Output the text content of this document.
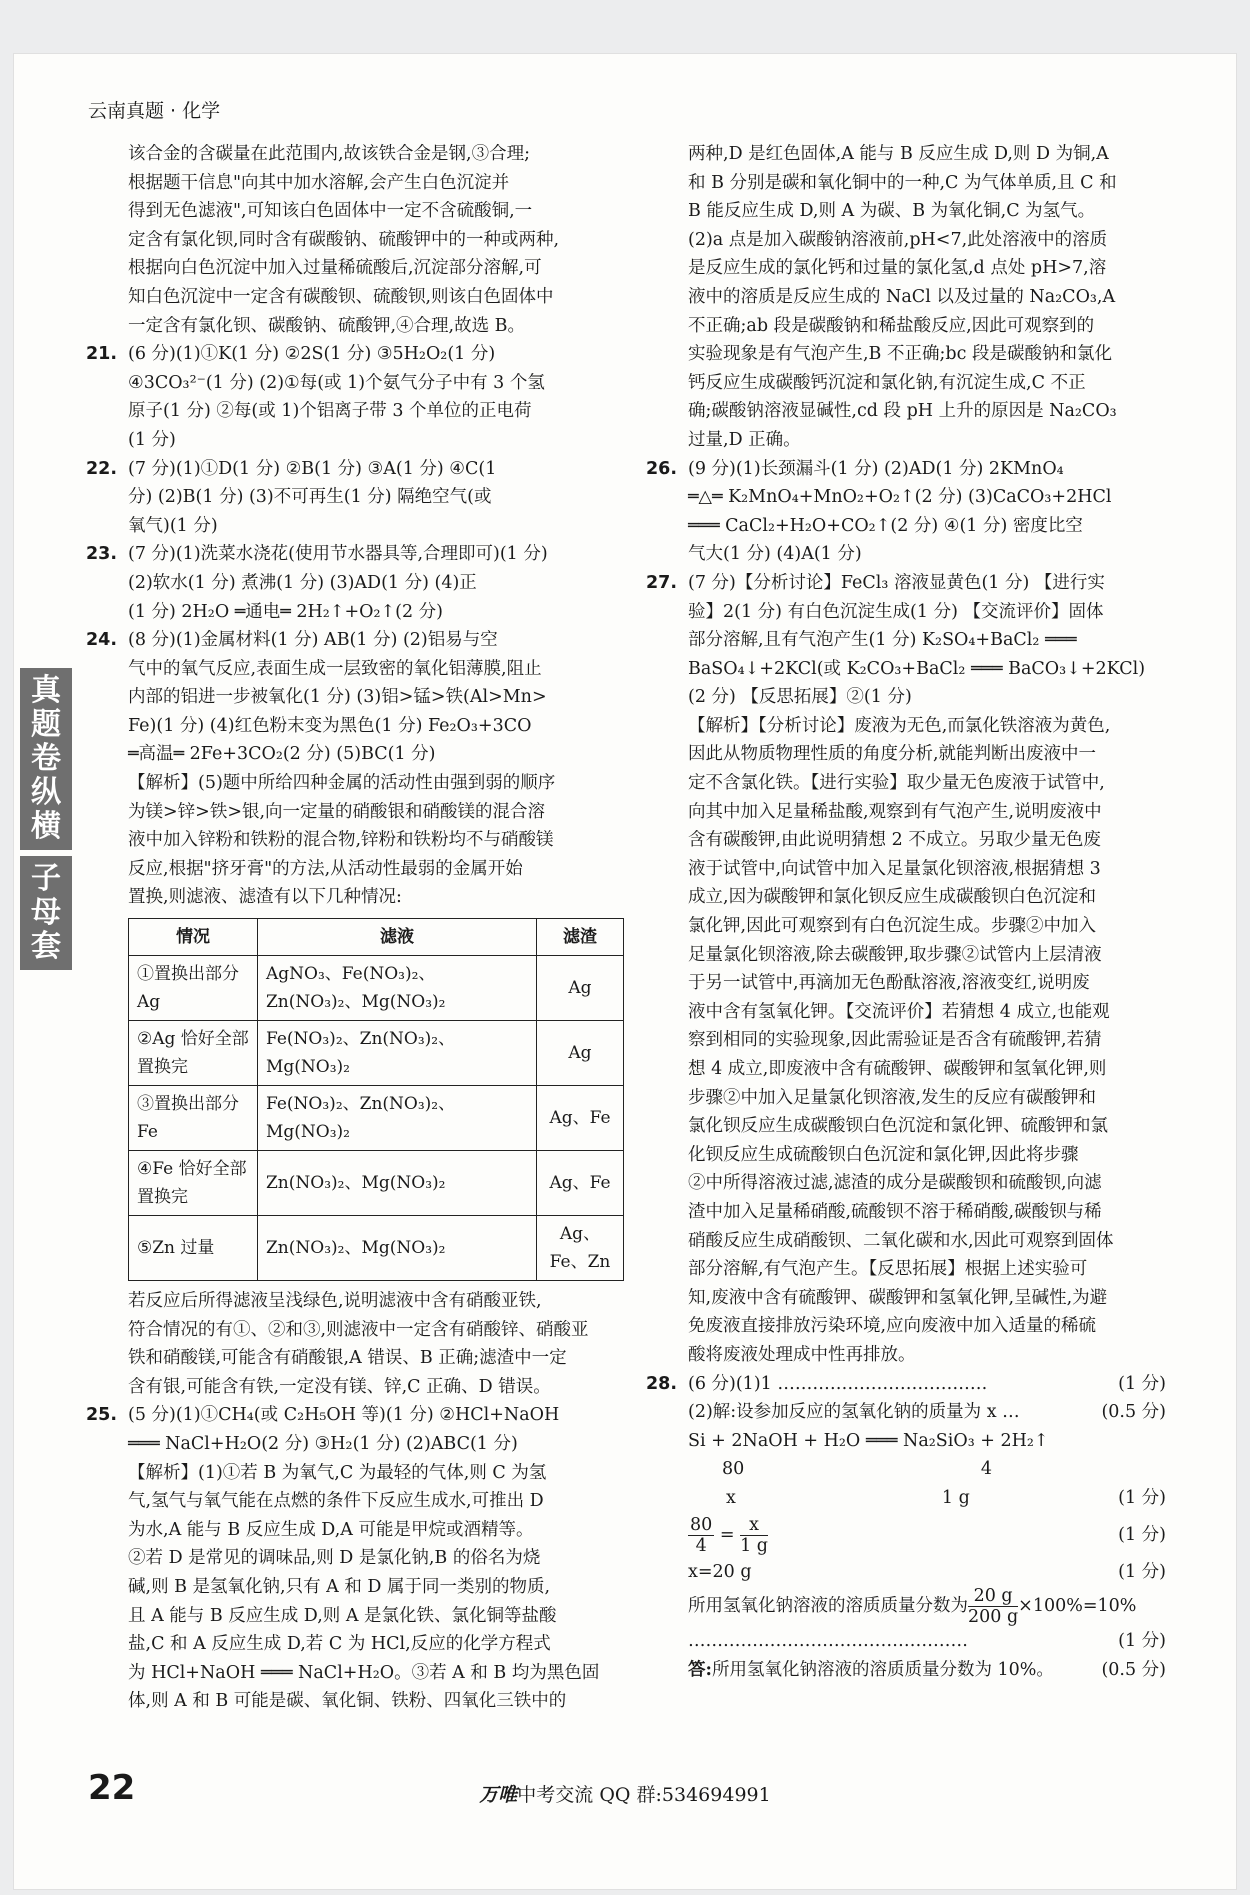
云南真题 · 化学
真
题
卷
纵
横
子
母
套

该合金的含碳量在此范围内,故该铁合金是钢,③合理;

根据题干信息"向其中加水溶解,会产生白色沉淀并

得到无色滤液",可知该白色固体中一定不含硫酸铜,一

定含有氯化钡,同时含有碳酸钠、硫酸钾中的一种或两种,

根据向白色沉淀中加入过量稀硫酸后,沉淀部分溶解,可

知白色沉淀中一定含有碳酸钡、硫酸钡,则该白色固体中

一定含有氯化钡、碳酸钠、硫酸钾,④合理,故选 B。

21. (6 分)(1)①K(1 分) ②2S(1 分) ③5H₂O₂(1 分)

④3CO₃²⁻(1 分) (2)①每(或 1)个氨气分子中有 3 个氢

原子(1 分) ②每(或 1)个铝离子带 3 个单位的正电荷

(1 分)

22. (7 分)(1)①D(1 分) ②B(1 分) ③A(1 分) ④C(1

分) (2)B(1 分) (3)不可再生(1 分) 隔绝空气(或

氧气)(1 分)

23. (7 分)(1)洗菜水浇花(使用节水器具等,合理即可)(1 分)

(2)软水(1 分) 煮沸(1 分) (3)AD(1 分) (4)正

(1 分) 2H₂O ═通电═ 2H₂↑+O₂↑(2 分)

24. (8 分)(1)金属材料(1 分) AB(1 分) (2)铝易与空

气中的氧气反应,表面生成一层致密的氧化铝薄膜,阻止

内部的铝进一步被氧化(1 分) (3)铝>锰>铁(Al>Mn>

Fe)(1 分) (4)红色粉末变为黑色(1 分) Fe₂O₃+3CO

═高温═ 2Fe+3CO₂(2 分) (5)BC(1 分)

【解析】(5)题中所给四种金属的活动性由强到弱的顺序

为镁>锌>铁>银,向一定量的硝酸银和硝酸镁的混合溶

液中加入锌粉和铁粉的混合物,锌粉和铁粉均不与硝酸镁

反应,根据"挤牙膏"的方法,从活动性最弱的金属开始

置换,则滤液、滤渣有以下几种情况:

情况	滤液	滤渣
①置换出部分 Ag	AgNO₃、Fe(NO₃)₂、Zn(NO₃)₂、Mg(NO₃)₂	Ag
②Ag 恰好全部置换完	Fe(NO₃)₂、Zn(NO₃)₂、Mg(NO₃)₂	Ag
③置换出部分 Fe	Fe(NO₃)₂、Zn(NO₃)₂、Mg(NO₃)₂	Ag、Fe
④Fe 恰好全部置换完	Zn(NO₃)₂、Mg(NO₃)₂	Ag、Fe
⑤Zn 过量	Zn(NO₃)₂、Mg(NO₃)₂	Ag、Fe、Zn

若反应后所得滤液呈浅绿色,说明滤液中含有硝酸亚铁,

符合情况的有①、②和③,则滤液中一定含有硝酸锌、硝酸亚

铁和硝酸镁,可能含有硝酸银,A 错误、B 正确;滤渣中一定

含有银,可能含有铁,一定没有镁、锌,C 正确、D 错误。

25. (5 分)(1)①CH₄(或 C₂H₅OH 等)(1 分) ②HCl+NaOH

═══ NaCl+H₂O(2 分) ③H₂(1 分) (2)ABC(1 分)

【解析】(1)①若 B 为氧气,C 为最轻的气体,则 C 为氢

气,氢气与氧气能在点燃的条件下反应生成水,可推出 D

为水,A 能与 B 反应生成 D,A 可能是甲烷或酒精等。

②若 D 是常见的调味品,则 D 是氯化钠,B 的俗名为烧

碱,则 B 是氢氧化钠,只有 A 和 D 属于同一类别的物质,

且 A 能与 B 反应生成 D,则 A 是氯化铁、氯化铜等盐酸

盐,C 和 A 反应生成 D,若 C 为 HCl,反应的化学方程式

为 HCl+NaOH ═══ NaCl+H₂O。③若 A 和 B 均为黑色固

体,则 A 和 B 可能是碳、氧化铜、铁粉、四氧化三铁中的

两种,D 是红色固体,A 能与 B 反应生成 D,则 D 为铜,A

和 B 分别是碳和氧化铜中的一种,C 为气体单质,且 C 和

B 能反应生成 D,则 A 为碳、B 为氧化铜,C 为氢气。

(2)a 点是加入碳酸钠溶液前,pH<7,此处溶液中的溶质

是反应生成的氯化钙和过量的氯化氢,d 点处 pH>7,溶

液中的溶质是反应生成的 NaCl 以及过量的 Na₂CO₃,A

不正确;ab 段是碳酸钠和稀盐酸反应,因此可观察到的

实验现象是有气泡产生,B 不正确;bc 段是碳酸钠和氯化

钙反应生成碳酸钙沉淀和氯化钠,有沉淀生成,C 不正

确;碳酸钠溶液显碱性,cd 段 pH 上升的原因是 Na₂CO₃

过量,D 正确。

26. (9 分)(1)长颈漏斗(1 分) (2)AD(1 分) 2KMnO₄

═△═ K₂MnO₄+MnO₂+O₂↑(2 分) (3)CaCO₃+2HCl

═══ CaCl₂+H₂O+CO₂↑(2 分) ④(1 分) 密度比空

气大(1 分) (4)A(1 分)

27. (7 分)【分析讨论】FeCl₃ 溶液显黄色(1 分) 【进行实

验】2(1 分) 有白色沉淀生成(1 分) 【交流评价】固体

部分溶解,且有气泡产生(1 分) K₂SO₄+BaCl₂ ═══

BaSO₄↓+2KCl(或 K₂CO₃+BaCl₂ ═══ BaCO₃↓+2KCl)

(2 分) 【反思拓展】②(1 分)

【解析】【分析讨论】废液为无色,而氯化铁溶液为黄色,

因此从物质物理性质的角度分析,就能判断出废液中一

定不含氯化铁。【进行实验】取少量无色废液于试管中,

向其中加入足量稀盐酸,观察到有气泡产生,说明废液中

含有碳酸钾,由此说明猜想 2 不成立。另取少量无色废

液于试管中,向试管中加入足量氯化钡溶液,根据猜想 3

成立,因为碳酸钾和氯化钡反应生成碳酸钡白色沉淀和

氯化钾,因此可观察到有白色沉淀生成。步骤②中加入

足量氯化钡溶液,除去碳酸钾,取步骤②试管内上层清液

于另一试管中,再滴加无色酚酞溶液,溶液变红,说明废

液中含有氢氧化钾。【交流评价】若猜想 4 成立,也能观

察到相同的实验现象,因此需验证是否含有硫酸钾,若猜

想 4 成立,即废液中含有硫酸钾、碳酸钾和氢氧化钾,则

步骤②中加入足量氯化钡溶液,发生的反应有碳酸钾和

氯化钡反应生成碳酸钡白色沉淀和氯化钾、硫酸钾和氯

化钡反应生成硫酸钡白色沉淀和氯化钾,因此将步骤

②中所得溶液过滤,滤渣的成分是碳酸钡和硫酸钡,向滤

渣中加入足量稀硝酸,硫酸钡不溶于稀硝酸,碳酸钡与稀

硝酸反应生成硝酸钡、二氧化碳和水,因此可观察到固体

部分溶解,有气泡产生。【反思拓展】根据上述实验可

知,废液中含有硫酸钾、碳酸钾和氢氧化钾,呈碱性,为避

免废液直接排放污染环境,应向废液中加入适量的稀硫

酸将废液处理成中性再排放。

28. (6 分)(1)1 ………………………………	(1 分)
(2)解:设参加反应的氢氧化钠的质量为 x …	(0.5 分)

Si + 2NaOH + H₂O ═══ Na₂SiO₃ + 2H₂↑

80	4
x	1 g	(1 分)
$\frac{80}{4} = \frac{x}{1 g}$	(1 分)
x=20 g	(1 分)
所用氢氧化钠溶液的溶质质量分数为 $\frac{20 g}{200 g} \times 100\%=10\%$
…………………………………………	(1 分)
答:所用氢氧化钠溶液的溶质质量分数为 10%。	(0.5 分)
22	万唯中考交流 QQ 群:534694991
